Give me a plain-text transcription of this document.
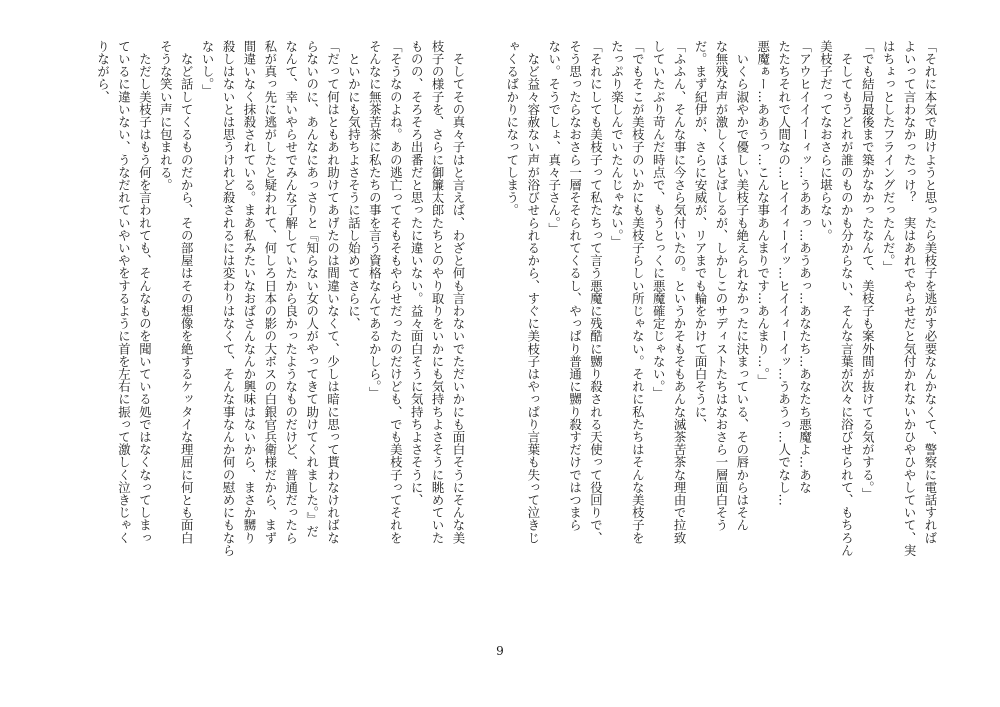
「それに本気で助けようと思ったら美枝子を逃がす必要なんかなくて、警察に電話すれば

よいって言わなかったっけ？　実はあれでやらせだと気付かれないかひやひやしていて、実

はちょっとしたフライングだったんだ。」

「でも結局最後まで築かなかったなんて、美枝子も案外間が抜けてる気がする。」

　そしてもうどれが誰のものかも分からない、そんな言葉が次々に浴びせられて、もちろん

美枝子だってなおさらに堪らない。

「アウヒイイイーィッ…うああっ…あうあっ…あなたち…あなたち悪魔よ…あな

たたちそれで人間なの…ヒイイィーイッ…ヒイイィーイッ…うあうっ…人でなし…

悪魔ぁー…ああうっ…こんな事あんまりです…あんまり…。」

　いくら淑やかで優しい美枝子も絶えられなかったに決まっている、その唇からはそん

な無残な声が激しくほとばしるが、しかしこのサディストたちはなおさら一層面白そう

だ。まず紀伊が、さらに安威が、リアまでも輪をかけて面白そうに、

「ふふん、そんな事に今さら気付いたの。というかそもそもあんな滅茶苦茶な理由で拉致

していたぶり苛んだ時点で、もうとっくに悪魔確定じゃない。」

「でもそこが美枝子のいかにも美枝子らしい所じゃない。それに私たちはそんな美枝子を

たっぷり楽しんでいたんじゃない。」

「それにしても美枝子って私たちって言う悪魔に残酷に嬲り殺される天使って役回りで、

そう思ったらなおさら一層そそられてくるし、やっぱり普通に嬲り殺すだけではつまら

ない。そうでしょ、真々子さん。」

　など益々容赦ない声が浴びせられるから、すぐに美枝子はやっぱり言葉も失って泣きじ

ゃくるばかりになってしまう。

　そしてその真々子はと言えば、わざと何も言わないでただいかにも面白そうにそんな美

枝子の様子を、さらに御簾太郎たちとのやり取りをいかにも気持ちよさそうに眺めていた

ものの、そろそろ出番だと思ったに違いない。益々面白そうに気持ちよさそうに、

「そうなのよね。あの逃亡ってそもそもやらせだったのだけども、でも美枝子ってそれを

そんなに無茶苦茶に私たちの事を言う資格なんてあるかしら。」

　といかにも気持ちよさそうに話し始めてさらに、

「だって何はともあれ助けてあげたのは間違いなくて、少しは暗に思って貰わなければな

らないのに、あんなにあっさりと『知らない女の人がやってきて助けてくれました。』だ

なんて、幸いやらせでみんな了解していたから良かったようなものだけど、普通だったら

私が真っ先に逃がしたと疑われて、何しろ日本の影の大ボスの白銀官兵衛様だから、まず

間違いなく抹殺されている。まあ私みたいなおばさんなんか興味はないから、まさか嬲り

殺しはないとは思うけれど殺されるには変わりはなくて、そんな事なんか何の慰めにもなら

ないし。」

　など話してくるものだから、その部屋はその想像を絶するケッタイな理屈に何とも面白

そうな笑い声に包まれる。

　ただし美枝子はもう何を言われても、そんなものを聞いている処ではなくなってしまっ

ているに違いない、うなだれていやいやをするように首を左右に振って激しく泣きじゃく

りながら、

9
